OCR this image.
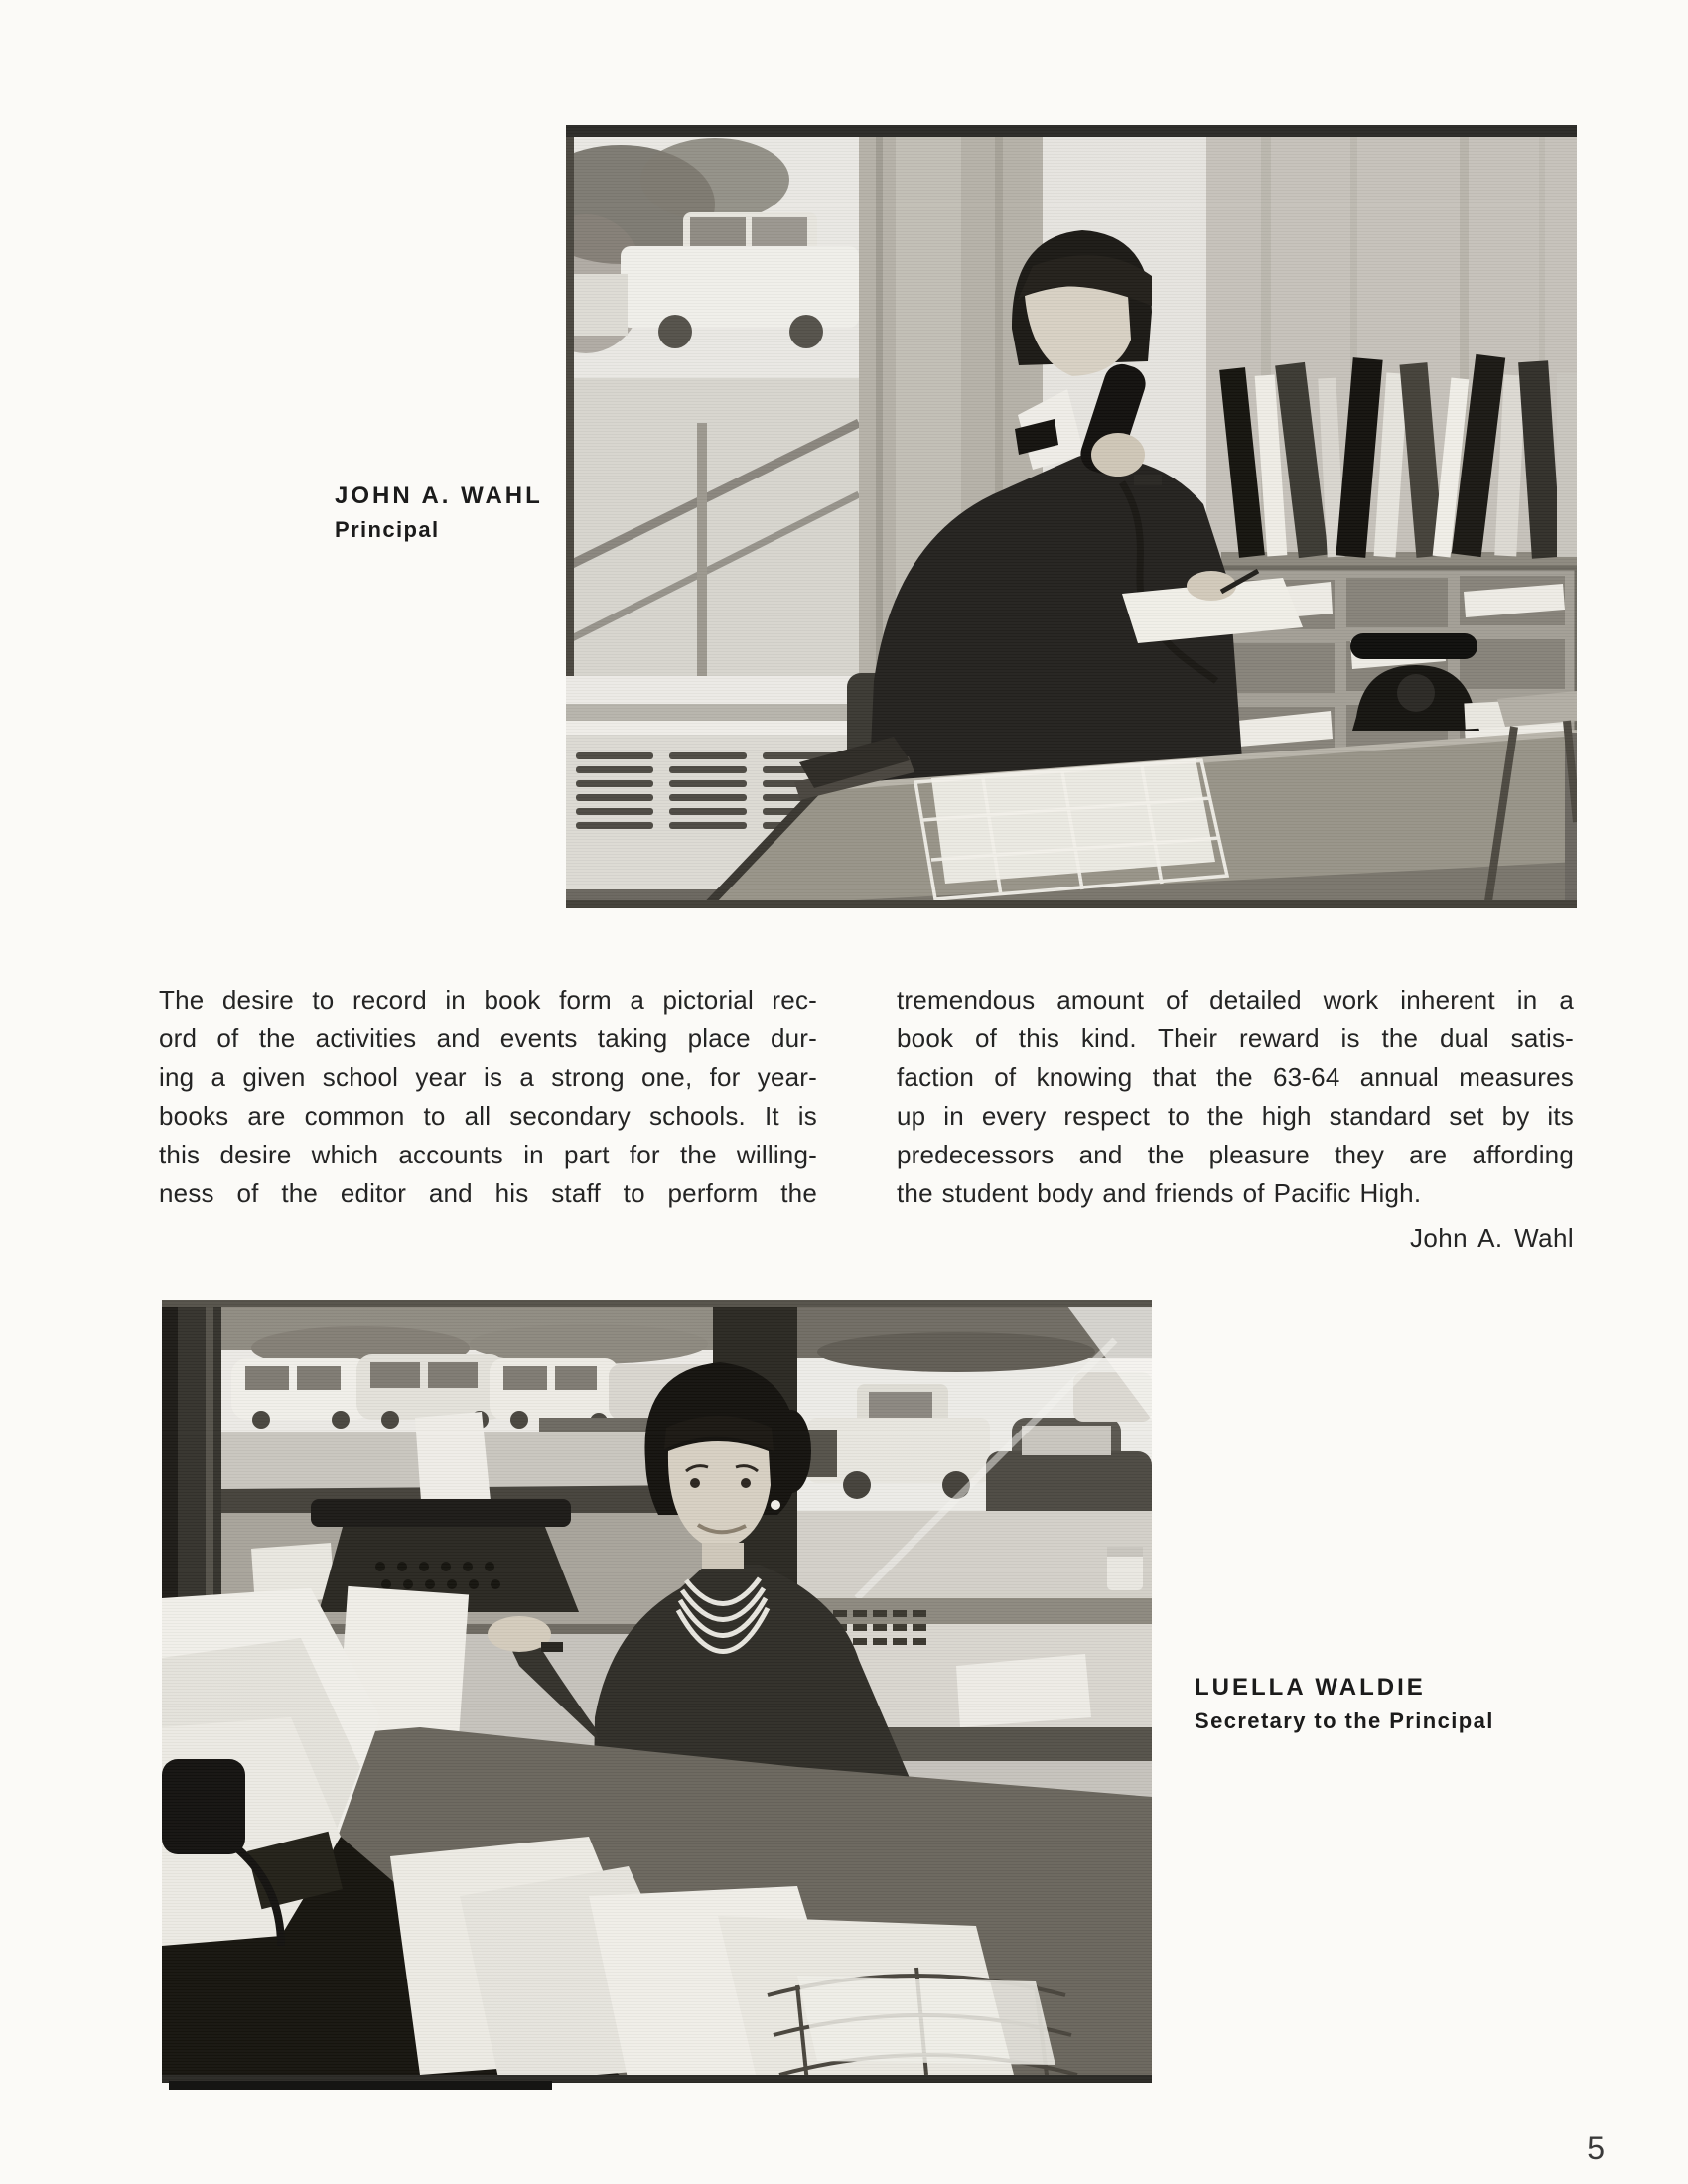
JOHN A. WAHL
Principal
The desire to record in book form a pictorial rec-
ord of the activities and events taking place dur-
ing a given school year is a strong one, for year-
books are common to all secondary schools. It is
this desire which accounts in part for the willing-
ness of the editor and his staff to perform the
tremendous amount of detailed work inherent in a
book of this kind. Their reward is the dual satis-
faction of knowing that the 63-64 annual measures
up in every respect to the high standard set by its
predecessors and the pleasure they are affording
the student body and friends of Pacific High.
John A. Wahl
LUELLA WALDIE
Secretary to the Principal
5
